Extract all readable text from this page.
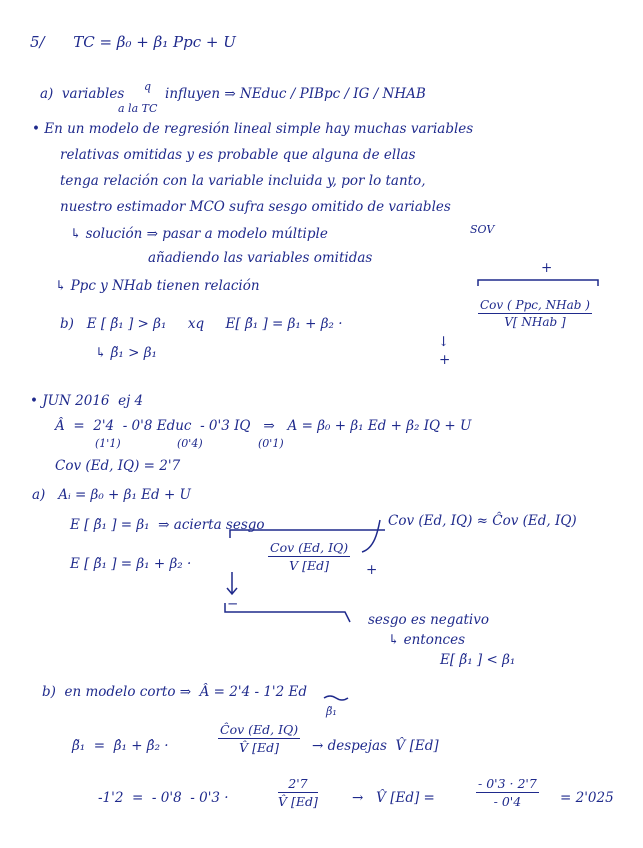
5/      TC = β₀ + β₁ Ppc + U
a)  variables q influyen ⇒ NEduc / PIBpc / IG / NHAB
a la TC
• En un modelo de regresión lineal simple hay muchas variables
relativas omitidas y es probable que alguna de ellas
tenga relación con la variable incluida y, por lo tanto,
nuestro estimador MCO sufra sesgo omitido de variables
↳ solución ⇒ pasar a modelo múltiple	SOV
añadiendo las variables omitidas
↳ Ppc y NHab tienen relación
+
b)   E [ β̃₁ ] > β₁     xq     E[ β̃₁ ] = β₁ + β₂ ·
Cov ( Ppc, NHab )
V[ NHab ]
↓
+
↳ β̃₁ > β₁
• JUN 2016  ej 4
Â  =  2'4  - 0'8 Educ  - 0'3 IQ   ⇒   A = β₀ + β₁ Ed + β₂ IQ + U
(1'1)	(0'4)	(0'1)
Cov (Ed, IQ) = 2'7
a)   Aᵢ = β₀ + β₁ Ed + U
E [ β̃₁ ] = β₁  ⇒ acierta sesgo	Cov (Ed, IQ) ≈ Ĉov (Ed, IQ)
E [ β̃₁ ] = β₁ + β₂ ·
Cov (Ed, IQ)
V [Ed]	+
−
sesgo es negativo
↳ entonces
E[ β̃₁ ] < β₁
b)  en modelo corto ⇒  Â = 2'4 - 1'2 Ed
β̃₁
β̃₁  =  β̂₁ + β̂₂ ·
Ĉov (Ed, IQ)
V̂ [Ed]	→ despejas  V̂ [Ed]
-1'2  =  - 0'8  - 0'3 ·	$\frac{2'7}{V̂ [Ed]}$	→   V̂ [Ed] =	$\frac{- 0'3 \cdot 2'7}{- 0'4} = 2'025$
